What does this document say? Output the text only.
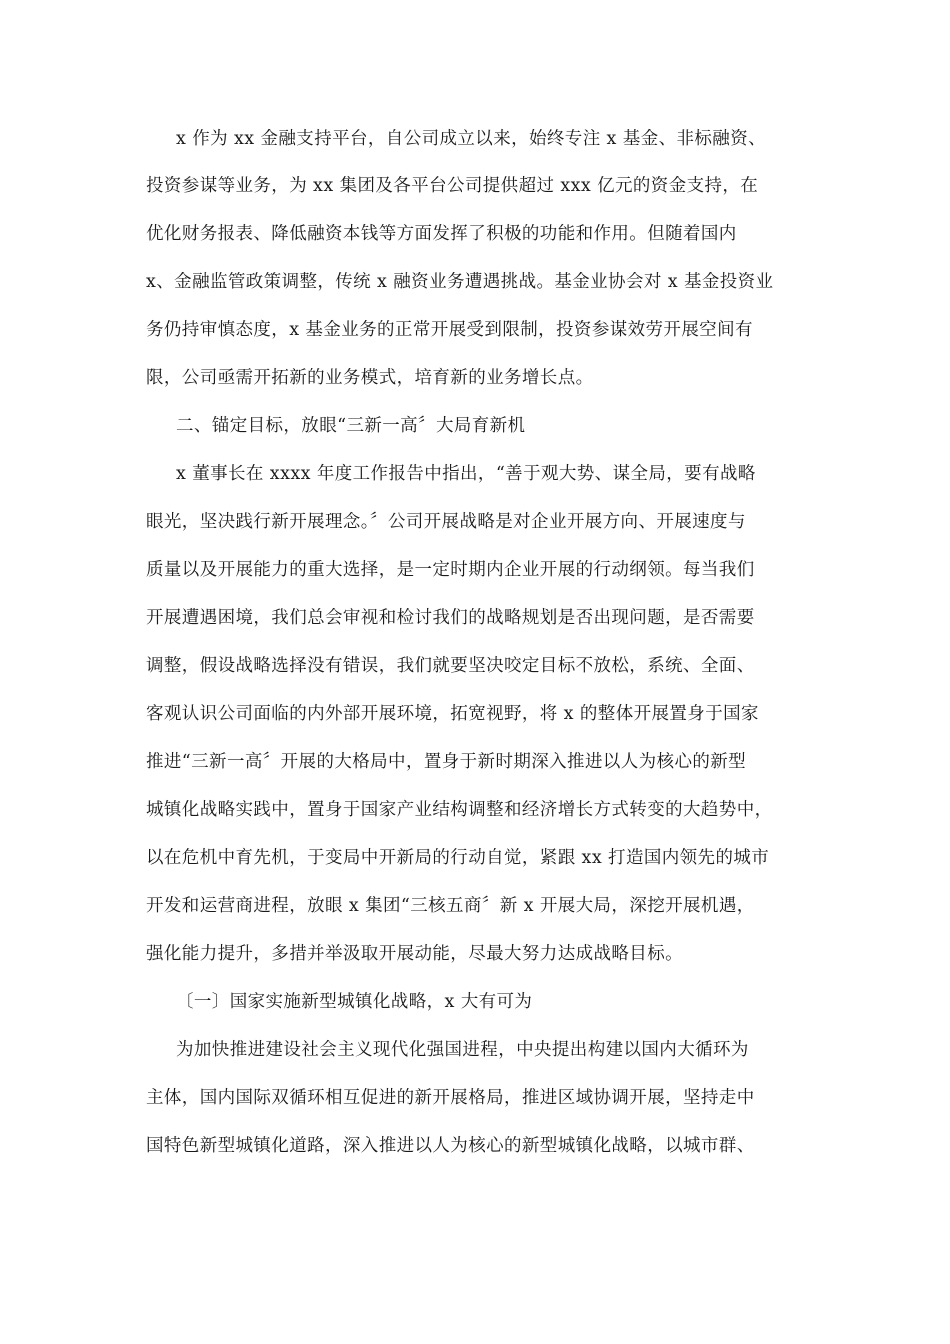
x 作为 xx 金融支持平台，自公司成立以来，始终专注 x 基金、非标融资、
投资参谋等业务，为 xx 集团及各平台公司提供超过 xxx 亿元的资金支持，在
优化财务报表、降低融资本钱等方面发挥了积极的功能和作用。但随着国内
x、金融监管政策调整，传统 x 融资业务遭遇挑战。基金业协会对 x 基金投资业
务仍持审慎态度，x 基金业务的正常开展受到限制，投资参谋效劳开展空间有
限，公司亟需开拓新的业务模式，培育新的业务增长点。
二、锚定目标，放眼“三新一高〞大局育新机
x 董事长在 xxxx 年度工作报告中指出，“善于观大势、谋全局，要有战略
眼光，坚决践行新开展理念。〞公司开展战略是对企业开展方向、开展速度与
质量以及开展能力的重大选择，是一定时期内企业开展的行动纲领。每当我们
开展遭遇困境，我们总会审视和检讨我们的战略规划是否出现问题，是否需要
调整，假设战略选择没有错误，我们就要坚决咬定目标不放松，系统、全面、
客观认识公司面临的内外部开展环境，拓宽视野，将 x 的整体开展置身于国家
推进“三新一高〞开展的大格局中，置身于新时期深入推进以人为核心的新型
城镇化战略实践中，置身于国家产业结构调整和经济增长方式转变的大趋势中，
以在危机中育先机，于变局中开新局的行动自觉，紧跟 xx 打造国内领先的城市
开发和运营商进程，放眼 x 集团“三核五商〞新 x 开展大局，深挖开展机遇，
强化能力提升，多措并举汲取开展动能，尽最大努力达成战略目标。
〔一〕国家实施新型城镇化战略，x 大有可为
为加快推进建设社会主义现代化强国进程，中央提出构建以国内大循环为
主体，国内国际双循环相互促进的新开展格局，推进区域协调开展，坚持走中
国特色新型城镇化道路，深入推进以人为核心的新型城镇化战略，以城市群、
